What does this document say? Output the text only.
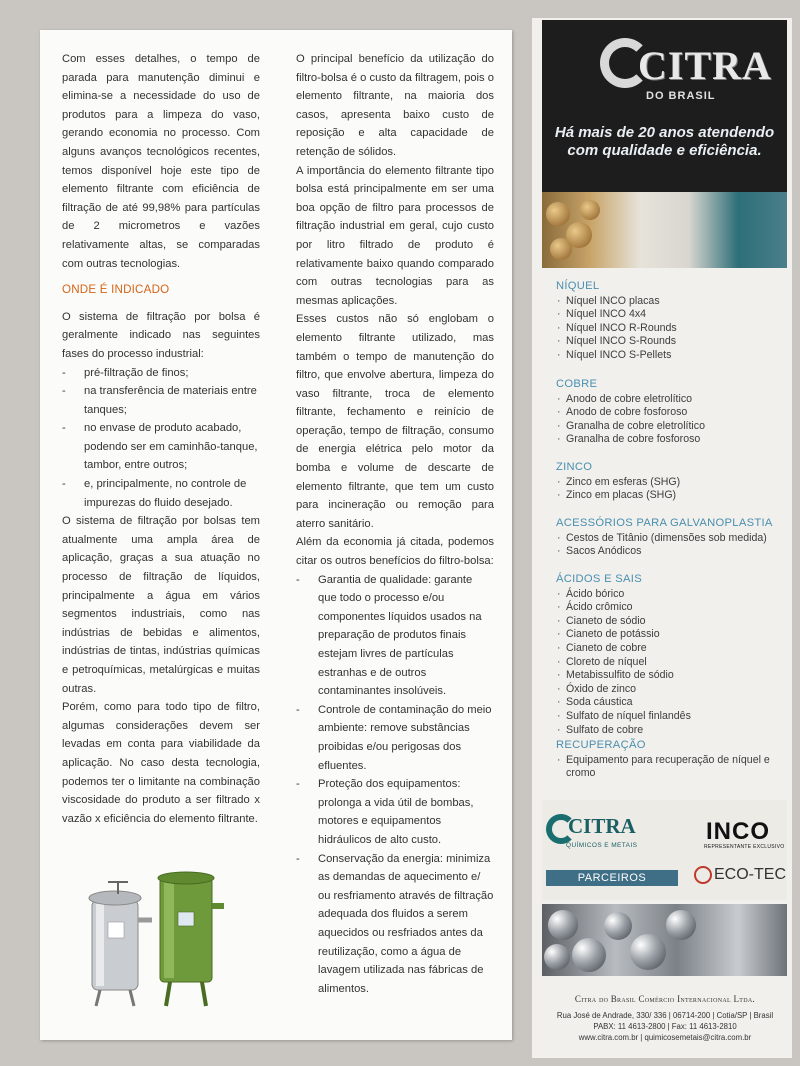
Com esses detalhes, o tempo de parada para manutenção diminui e elimina-se a necessidade do uso de produtos para a limpeza do vaso, gerando economia no processo. Com alguns avanços tecnológicos recentes, temos disponível hoje este tipo de elemento filtrante com eficiência de filtração de até 99,98% para partículas de 2 micrometros e vazões relativamente altas, se comparadas com outras tecnologias.

ONDE É INDICADO

O sistema de filtração por bolsa é geralmente indicado nas seguintes fases do processo industrial:

- pré-filtração de finos;
- na transferência de materiais entre tanques;
- no envase de produto acabado, podendo ser em caminhão-tanque, tambor, entre outros;
- e, principalmente, no controle de impurezas do fluido desejado.

O sistema de filtração por bolsas tem atualmente uma ampla área de aplicação, graças a sua atuação no processo de filtração de líquidos, principalmente a água em vários segmentos industriais, como nas indústrias de bebidas e alimentos, indústrias de tintas, indústrias químicas e petroquímicas, metalúrgicas e muitas outras.

Porém, como para todo tipo de filtro, algumas considerações devem ser levadas em conta para viabilidade da aplicação. No caso desta tecnologia, podemos ter o limitante na combinação viscosidade do produto a ser filtrado x vazão x eficiência do elemento filtrante.

O principal benefício da utilização do filtro-bolsa é o custo da filtragem, pois o elemento filtrante, na maioria dos casos, apresenta baixo custo de reposição e alta capacidade de retenção de sólidos.

A importância do elemento filtrante tipo bolsa está principalmente em ser uma boa opção de filtro para processos de filtração industrial em geral, cujo custo por litro filtrado de produto é relativamente baixo quando comparado com outras tecnologias para as mesmas aplicações.

Esses custos não só englobam o elemento filtrante utilizado, mas também o tempo de manutenção do filtro, que envolve abertura, limpeza do vaso filtrante, troca de elemento filtrante, fechamento e reinício de operação, tempo de filtração, consumo de energia elétrica pelo motor da bomba e volume de descarte de elemento filtrante, que tem um custo para incineração ou remoção para aterro sanitário.

Além da economia já citada, podemos citar os outros benefícios do filtro-bolsa:

- Garantia de qualidade: garante que todo o processo e/ou componentes líquidos usados na preparação de produtos finais estejam livres de partículas estranhas e de outros contaminantes insolúveis.
- Controle de contaminação do meio ambiente: remove substâncias proibidas e/ou perigosas dos efluentes.
- Proteção dos equipamentos: prolonga a vida útil de bombas, motores e equipamentos hidráulicos de alto custo.
- Conservação da energia: minimiza as demandas de aquecimento e/ ou resfriamento através de filtração adequada dos fluidos a serem aquecidos ou resfriados antes da reutilização, como a água de lavagem utilizada nas fábricas de alimentos.
CITRA
DO BRASIL
Há mais de 20 anos atendendo com qualidade e eficiência.
NÍQUEL
· Níquel INCO placas
· Níquel INCO 4x4
· Níquel INCO R-Rounds
· Níquel INCO S-Rounds
· Níquel INCO S-Pellets
COBRE
· Anodo de cobre eletrolítico
· Anodo de cobre fosforoso
· Granalha de cobre eletrolítico
· Granalha de cobre fosforoso
ZINCO
· Zinco em esferas (SHG)
· Zinco em placas (SHG)
ACESSÓRIOS PARA GALVANOPLASTIA
· Cestos de Titânio (dimensões sob medida)
· Sacos Anódicos
ÁCIDOS E SAIS
· Ácido bórico
· Ácido crômico
· Cianeto de sódio
· Cianeto de potássio
· Cianeto de cobre
· Cloreto de níquel
· Metabissulfito de sódio
· Óxido de zinco
· Soda cáustica
· Sulfato de níquel finlandês
· Sulfato de cobre
RECUPERAÇÃO
· Equipamento para recuperação de níquel e cromo
CITRA
QUÍMICOS E METAIS
INCO
REPRESENTANTE EXCLUSIVO
PARCEIROS	ECO-TEC
Citra do Brasil Comércio Internacional Ltda.
Rua José de Andrade, 330/ 336 | 06714-200 | Cotia/SP | Brasil
PABX: 11 4613-2800 | Fax: 11 4613-2810
www.citra.com.br | quimicosemetais@citra.com.br
